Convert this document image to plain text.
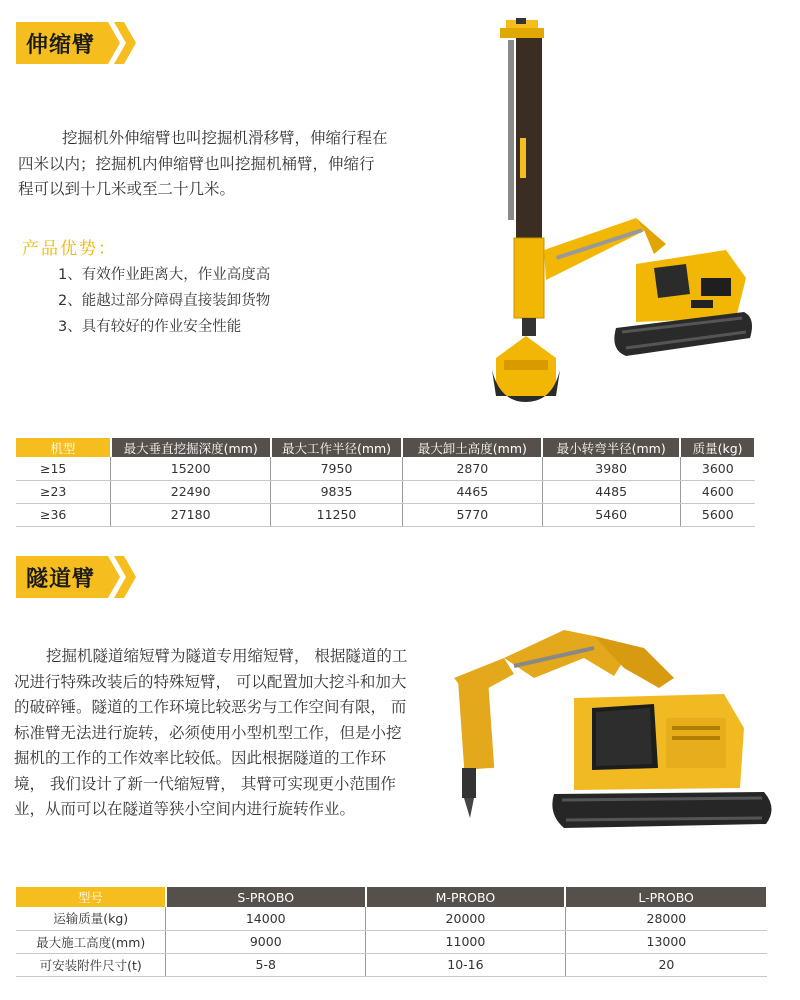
伸缩臂
挖掘机外伸缩臂也叫挖掘机滑移臂，伸缩行程在
四米以内；挖掘机内伸缩臂也叫挖掘机桶臂，伸缩行
程可以到十几米或至二十几米。
产品优势：
1、有效作业距离大，作业高度高
2、能越过部分障碍直接装卸货物
3、具有较好的作业安全性能
机型	最大垂直挖掘深度(mm)	最大工作半径(mm)	最大卸土高度(mm)	最小转弯半径(mm)	质量(kg)
≥15	15200	7950	2870	3980	3600
≥23	22490	9835	4465	4485	4600
≥36	27180	11250	5770	5460	5600
隧道臂
挖掘机隧道缩短臂为隧道专用缩短臂， 根据隧道的工
况进行特殊改装后的特殊短臂， 可以配置加大挖斗和加大
的破碎锤。隧道的工作环境比较恶劣与工作空间有限， 而
标准臂无法进行旋转，必须使用小型机型工作，但是小挖
掘机的工作的工作效率比较低。因此根据隧道的工作环
境， 我们设计了新一代缩短臂， 其臂可实现更小范围作
业，从而可以在隧道等狭小空间内进行旋转作业。
型号	S-PROBO	M-PROBO	L-PROBO
运输质量(kg)	14000	20000	28000
最大施工高度(mm)	9000	11000	13000
可安装附件尺寸(t)	5-8	10-16	20
